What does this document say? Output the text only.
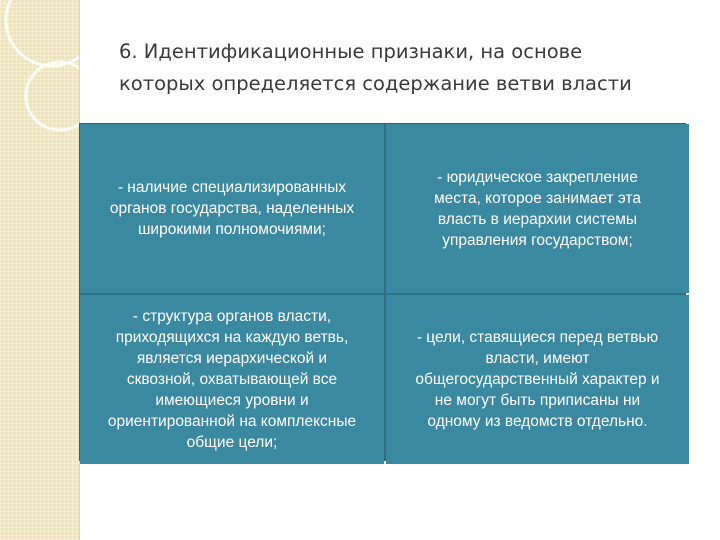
6. Идентификационные признаки, на основе
которых определяется содержание ветви власти
- наличие специализированных
органов государства, наделенных
широкими полномочиями;
- юридическое закрепление
места, которое занимает эта
власть в иерархии системы
управления государством;
- структура органов власти,
приходящихся на каждую ветвь,
является иерархической и
сквозной, охватывающей все
имеющиеся уровни и
ориентированной на комплексные
общие цели;
- цели, ставящиеся перед ветвью
власти, имеют
общегосударственный характер и
не могут быть приписаны ни
одному из ведомств отдельно.
